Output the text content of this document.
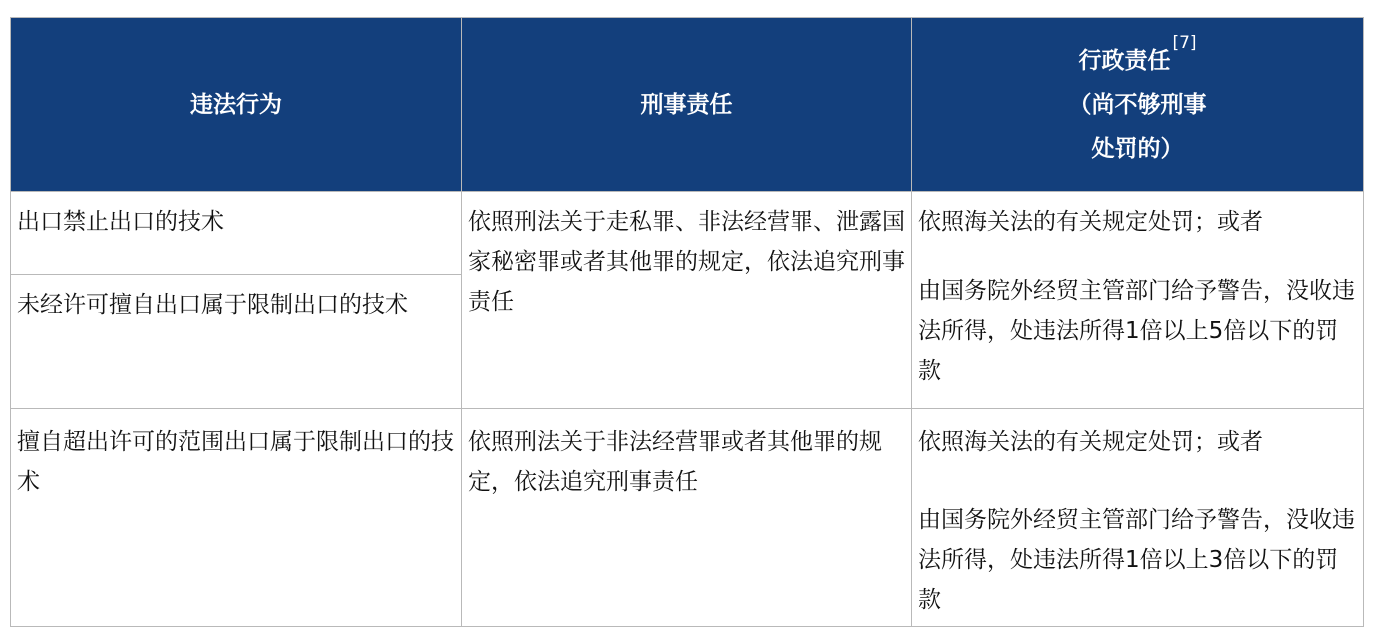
违法行为	刑事责任	行政责任[7]
（尚不够刑事
处罚的）
出口禁止出口的技术	依照刑法关于走私罪、非法经营罪、泄露国家秘密罪或者其他罪的规定，依法追究刑事责任	依照海关法的有关规定处罚；或者
由国务院外经贸主管部门给予警告，没收违法所得，处违法所得1倍以上5倍以下的罚款

未经许可擅自出口属于限制出口的技术		
擅自超出许可的范围出口属于限制出口的技术	依照刑法关于非法经营罪或者其他罪的规定，依法追究刑事责任	依照海关法的有关规定处罚；或者
由国务院外经贸主管部门给予警告，没收违法所得，处违法所得1倍以上3倍以下的罚款
